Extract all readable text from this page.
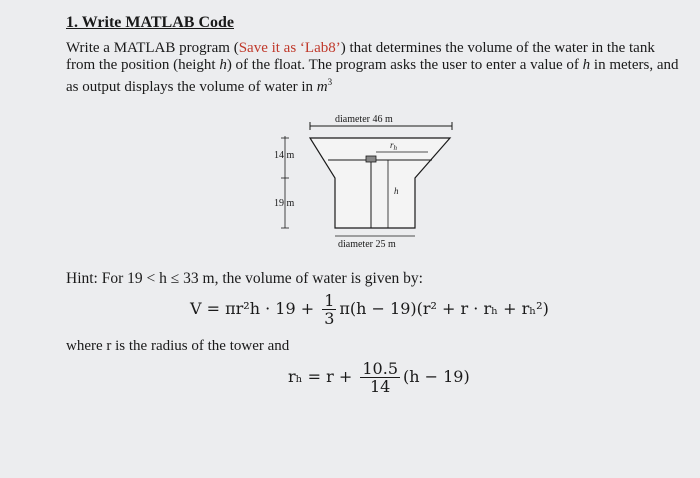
1. Write MATLAB Code
Write a MATLAB program (Save it as ‘Lab8’) that determines the volume of the water in the tank from the position (height h) of the float. The program asks the user to enter a value of h in meters, and as output displays the volume of water in $m^3$
diameter 46 m
h
$r_h$
14 m
19 m
diameter 25 m
Hint: For 19 < h ≤ 33 m, the volume of water is given by:
$V = \pi r^2h \cdot 19 + \frac{1}{3} \pi(h - 19)(r^2 + r \cdot r_h + r_h^2)$
where r is the radius of the tower and
$r_h = r + \frac{10.5}{14} (h - 19)$
